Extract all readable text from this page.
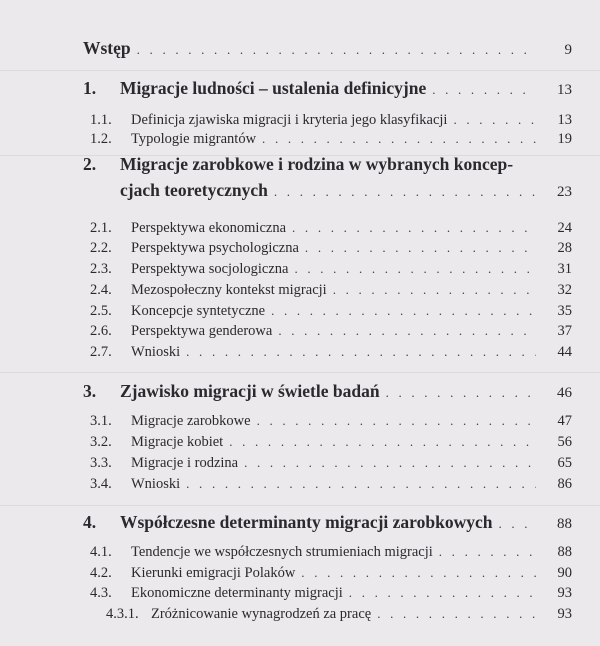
Wstęp . . .	9
1.	Migracje ludności – ustalenia definicyjne . . .	13
1.1.	Definicja zjawiska migracji i kryteria jego klasyfikacji . . .	13
1.2.	Typologie migrantów . . .	19
2.	Migracje zarobkowe i rodzina w wybranych koncep-
cjach teoretycznych . . .	23
2.1.	Perspektywa ekonomiczna . . .	24
2.2.	Perspektywa psychologiczna . . .	28
2.3.	Perspektywa socjologiczna . . .	31
2.4.	Mezospołeczny kontekst migracji . . .	32
2.5.	Koncepcje syntetyczne . . .	35
2.6.	Perspektywa genderowa . . .	37
2.7.	Wnioski . . .	44
3.	Zjawisko migracji w świetle badań . . .	46
3.1.	Migracje zarobkowe . . .	47
3.2.	Migracje kobiet . . .	56
3.3.	Migracje i rodzina . . .	65
3.4.	Wnioski . . .	86
4.	Współczesne determinanty migracji zarobkowych . . .	88
4.1.	Tendencje we współczesnych strumieniach migracji . . .	88
4.2.	Kierunki emigracji Polaków . . .	90
4.3.	Ekonomiczne determinanty migracji . . .	93
4.3.1. Zróżnicowanie wynagrodzeń za pracę . . .	93
